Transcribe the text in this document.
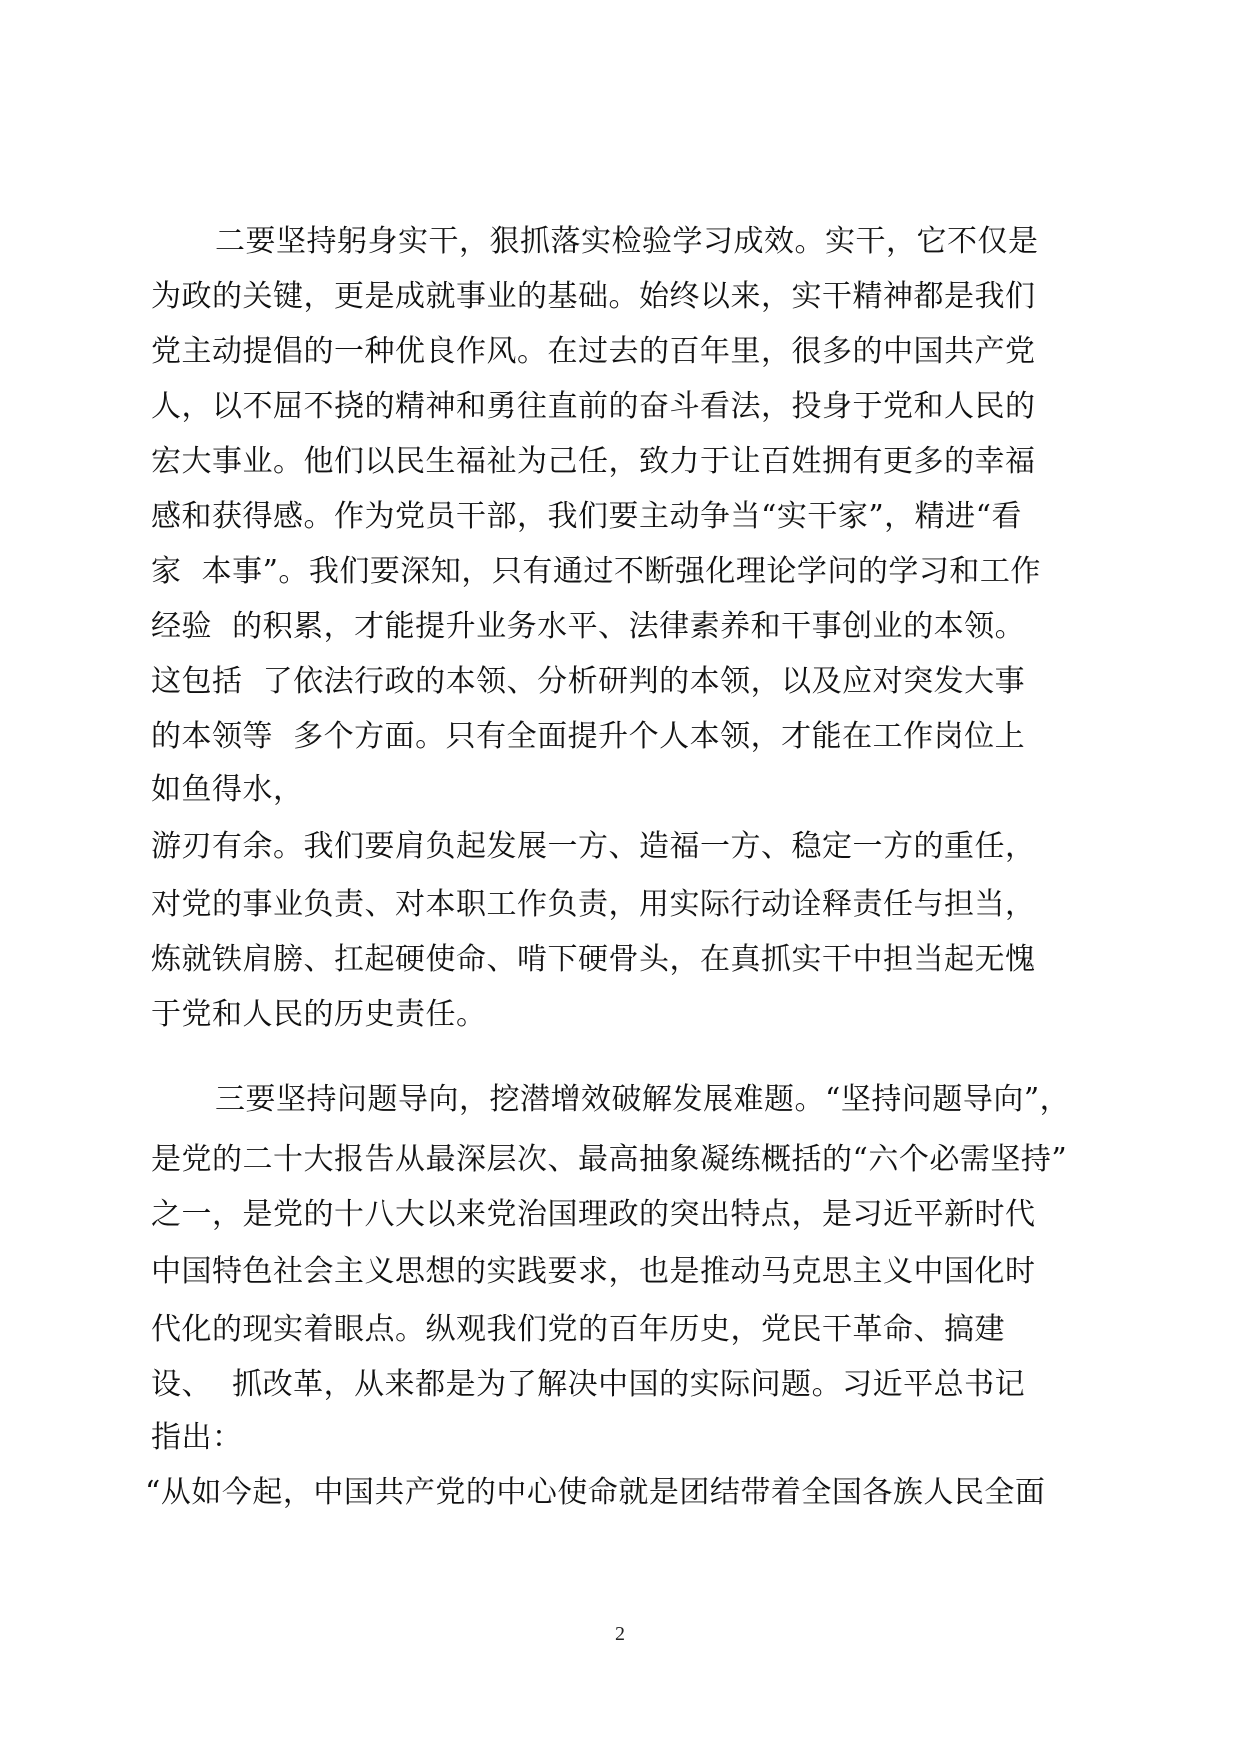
二要坚持躬身实干，狠抓落实检验学习成效。实干，它不仅是
为政的关键，更是成就事业的基础。始终以来，实干精神都是我们
党主动提倡的一种优良作风。在过去的百年里，很多的中国共产党
人，以不屈不挠的精神和勇往直前的奋斗看法，投身于党和人民的
宏大事业。他们以民生福祉为己任，致力于让百姓拥有更多的幸福
感和获得感。作为党员干部，我们要主动争当“实干家”，精进“看
家  本事”。我们要深知，只有通过不断强化理论学问的学习和工作
经验  的积累，才能提升业务水平、法律素养和干事创业的本领。
这包括  了依法行政的本领、分析研判的本领，以及应对突发大事
的本领等  多个方面。只有全面提升个人本领，才能在工作岗位上
如鱼得水，
游刃有余。我们要肩负起发展一方、造福一方、稳定一方的重任，
对党的事业负责、对本职工作负责，用实际行动诠释责任与担当，
炼就铁肩膀、扛起硬使命、啃下硬骨头，在真抓实干中担当起无愧
于党和人民的历史责任。
三要坚持问题导向，挖潜增效破解发展难题。“坚持问题导向”，
是党的二十大报告从最深层次、最高抽象凝练概括的“六个必需坚持”
之一，是党的十八大以来党治国理政的突出特点，是习近平新时代
中国特色社会主义思想的实践要求，也是推动马克思主义中国化时
代化的现实着眼点。纵观我们党的百年历史，党民干革命、搞建
设、  抓改革，从来都是为了解决中国的实际问题。习近平总书记
指出：
“从如今起，中国共产党的中心使命就是团结带着全国各族人民全面
2
